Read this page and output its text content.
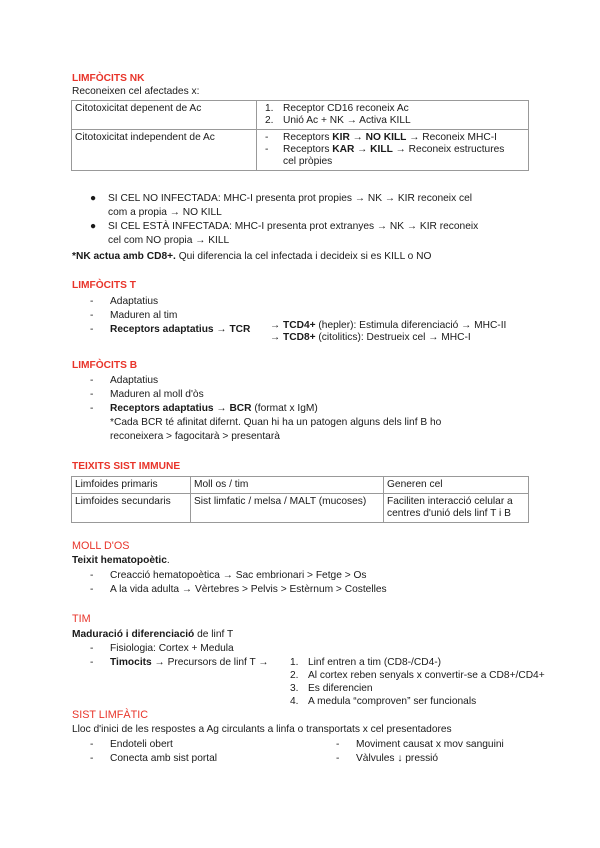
LIMFÒCITS NK
Reconeixen cel afectades x:
Citotoxicitat depenent de Ac	1. Receptor CD16 reconeix Ac
2. Unió Ac + NK → Activa KILL

Citotoxicitat independent de Ac	- Receptors KIR → NO KILL → Reconeix MHC-I
- Receptors KAR → KILL → Reconeix estructures
cel pròpies
● SI CEL NO INFECTADA: MHC-I presenta prot propies → NK → KIR reconeix cel
com a propia → NO KILL
● SI CEL ESTÀ INFECTADA: MHC-I presenta prot extranyes → NK → KIR reconeix
cel com NO propia → KILL
*NK actua amb CD8+. Qui diferencia la cel infectada i decideix si es KILL o NO
LIMFÒCITS T
- Adaptatius
- Maduren al tim
- Receptors adaptatius → TCR → TCD4+ (hepler): Estimula diferenciació → MHC-II
→ TCD8+ (citolitics): Destrueix cel → MHC-I
LIMFÒCITS B
- Adaptatius
- Maduren al moll d'òs
- Receptors adaptatius → BCR (format x IgM)
*Cada BCR té afinitat difernt. Quan hi ha un patogen alguns dels linf B ho
reconeixera > fagocitarà > presentarà
TEIXITS SIST IMMUNE
Limfoides primaris	Moll os / tim	Generen cel
Limfoides secundaris	Sist limfatic / melsa / MALT (mucoses)	Faciliten interacció celular a
centres d'unió dels linf T i B
MOLL D'OS
Teixit hematopoètic.
- Creacció hematopoètica → Sac embrionari > Fetge > Os
- A la vida adulta → Vèrtebres > Pelvis > Estèrnum > Costelles
TIM
Maduració i diferenciació de linf T
- Fisiologia: Cortex + Medula
- Timocits → Precursors de linf T → 1. Linf entren a tim (CD8-/CD4-)
2. Al cortex reben senyals x convertir-se a CD8+/CD4+
3. Es diferencien
4. A medula “comproven” ser funcionals
SIST LIMFÀTIC
Lloc d'inici de les respostes a Ag circulants a linfa o transportats x cel presentadores
- Endoteli obert
- Conecta amb sist portal
- Moviment causat x mov sanguini
- Vàlvules ↓ pressió
